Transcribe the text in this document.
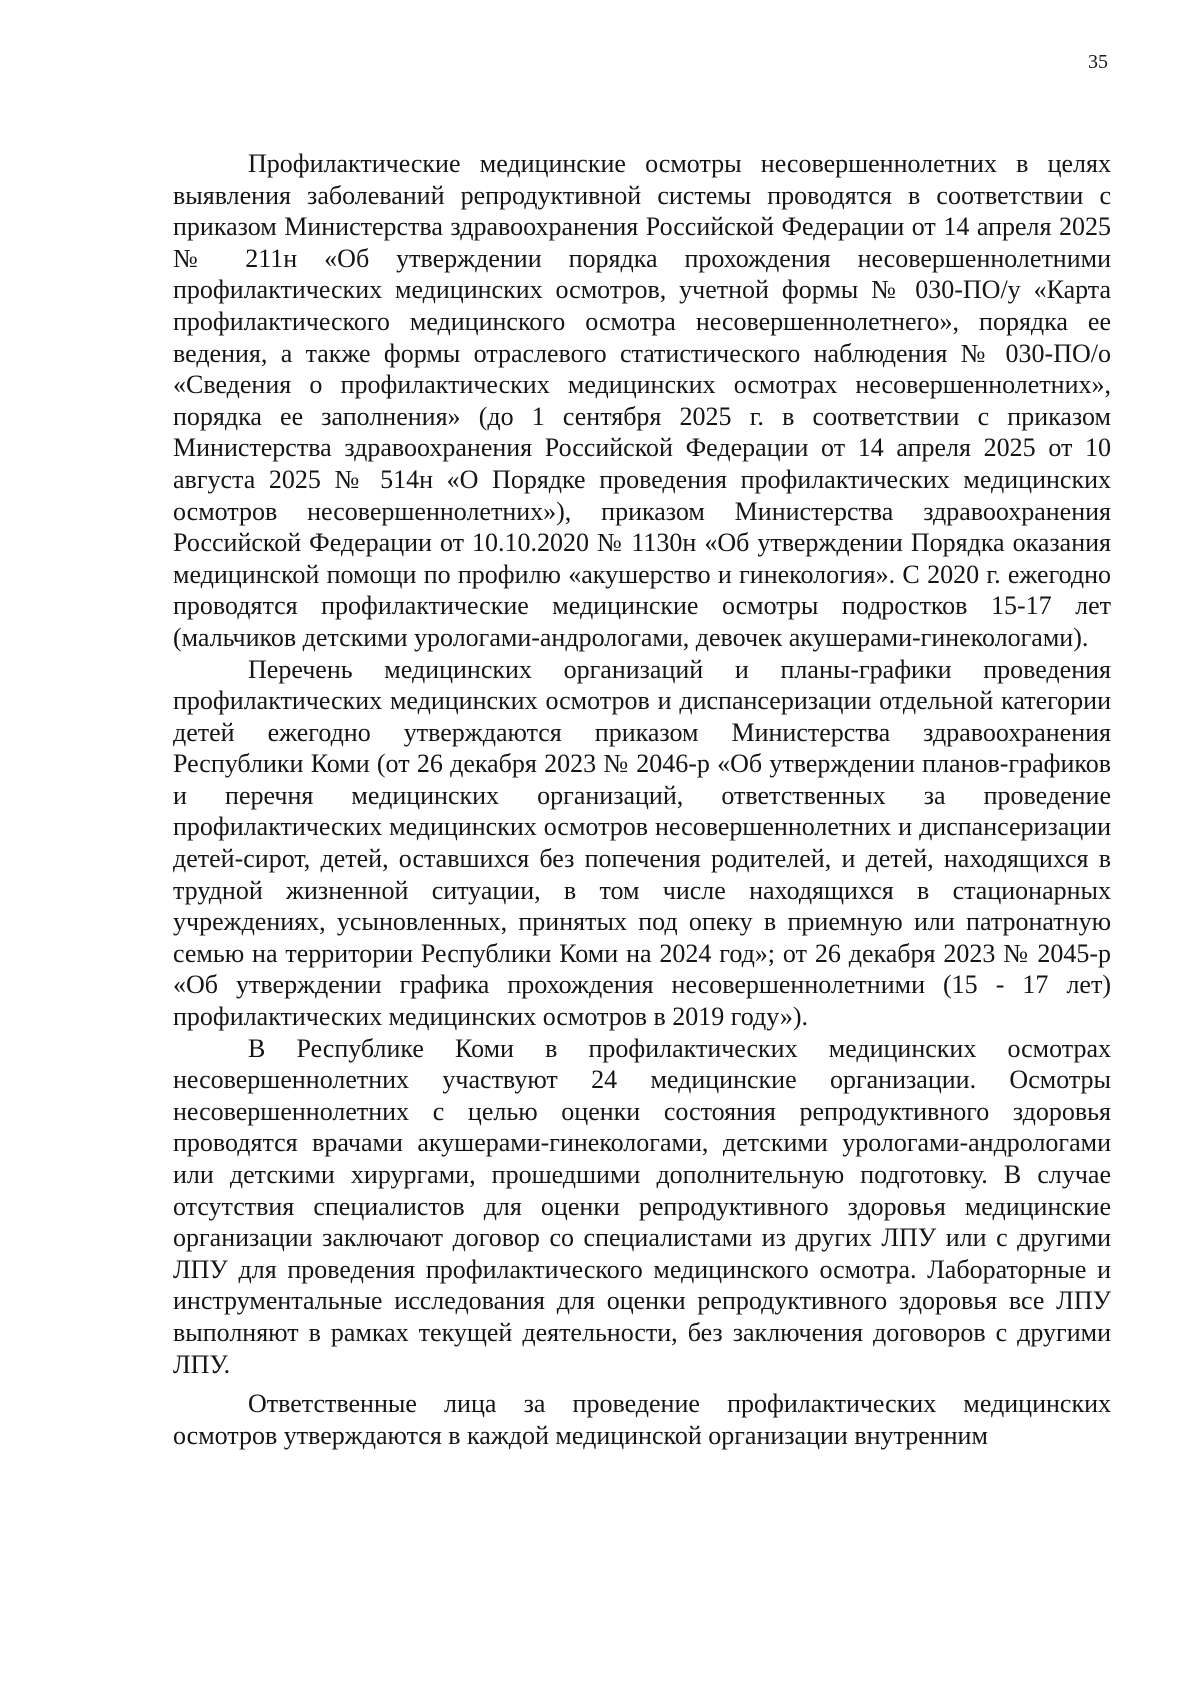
35

Профилактические медицинские осмотры несовершеннолетних в целях выявления заболеваний репродуктивной системы проводятся в соответствии с приказом Министерства здравоохранения Российской Федерации от 14 апреля 2025 № 211н «Об утверждении порядка прохождения несовершеннолетними профилактических медицинских осмотров, учетной формы № 030-ПО/у «Карта профилактического медицинского осмотра несовершеннолетнего», порядка ее ведения, а также формы отраслевого статистического наблюдения № 030-ПО/о «Сведения о профилактических медицинских осмотрах несовершеннолетних», порядка ее заполнения» (до 1 сентября 2025 г. в соответствии с приказом Министерства здравоохранения Российской Федерации от 14 апреля 2025 от 10 августа 2025 № 514н «О Порядке проведения профилактических медицинских осмотров несовершеннолетних»), приказом Министерства здравоохранения Российской Федерации от 10.10.2020 № 1130н «Об утверждении Порядка оказания медицинской помощи по профилю «акушерство и гинекология». С 2020 г. ежегодно проводятся профилактические медицинские осмотры подростков 15-17 лет (мальчиков детскими урологами-андрологами, девочек акушерами-гинекологами).

Перечень медицинских организаций и планы-графики проведения профилактических медицинских осмотров и диспансеризации отдельной категории детей ежегодно утверждаются приказом Министерства здравоохранения Республики Коми (от 26 декабря 2023 № 2046-р «Об утверждении планов-графиков и перечня медицинских организаций, ответственных за проведение профилактических медицинских осмотров несовершеннолетних и диспансеризации детей-сирот, детей, оставшихся без попечения родителей, и детей, находящихся в трудной жизненной ситуации, в том числе находящихся в стационарных учреждениях, усыновленных, принятых под опеку в приемную или патронатную семью на территории Республики Коми на 2024 год»; от 26 декабря 2023 № 2045-р «Об утверждении графика прохождения несовершеннолетними (15 - 17 лет) профилактических медицинских осмотров в 2019 году»).

В Республике Коми в профилактических медицинских осмотрах несовершеннолетних участвуют 24 медицинские организации. Осмотры несовершеннолетних с целью оценки состояния репродуктивного здоровья проводятся врачами акушерами-гинекологами, детскими урологами-андрологами или детскими хирургами, прошедшими дополнительную подготовку. В случае отсутствия специалистов для оценки репродуктивного здоровья медицинские организации заключают договор со специалистами из других ЛПУ или с другими ЛПУ для проведения профилактического медицинского осмотра. Лабораторные и инструментальные исследования для оценки репродуктивного здоровья все ЛПУ выполняют в рамках текущей деятельности, без заключения договоров с другими ЛПУ.

Ответственные лица за проведение профилактических медицинских осмотров утверждаются в каждой медицинской организации внутренним
